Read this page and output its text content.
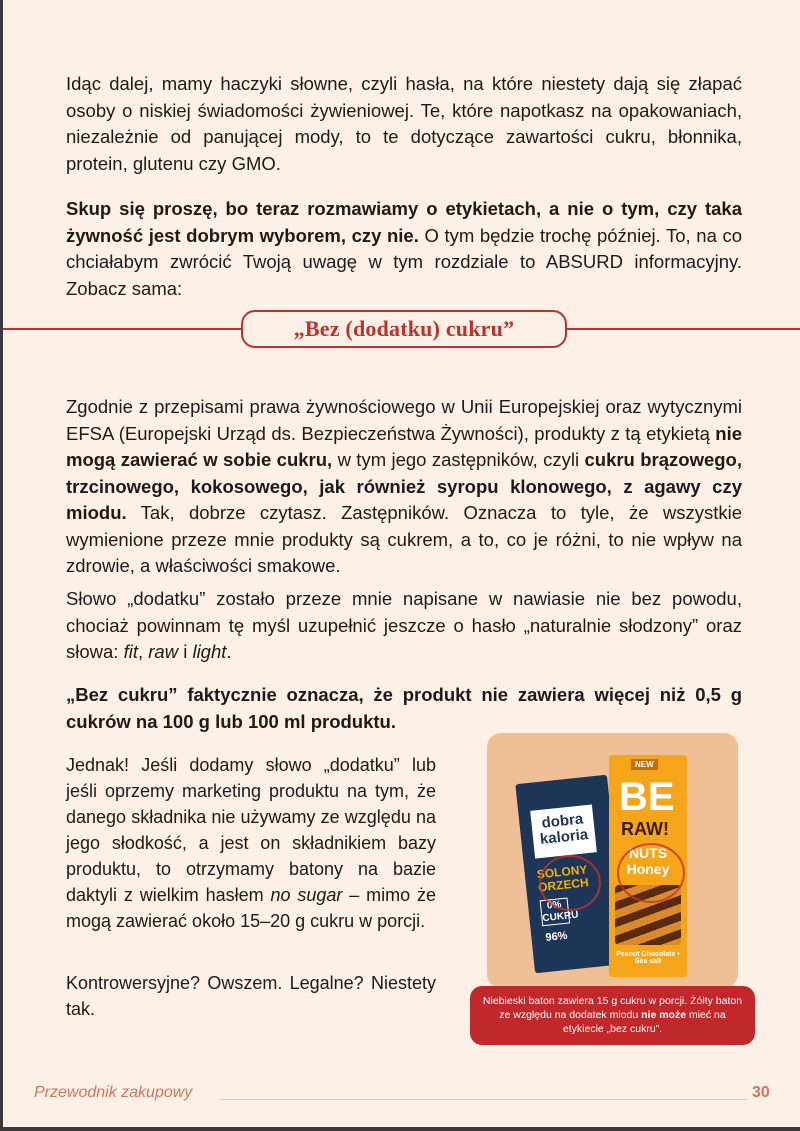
Idąc dalej, mamy haczyki słowne, czyli hasła, na które niestety dają się złapać osoby o niskiej świadomości żywieniowej. Te, które napotkasz na opakowaniach, niezależnie od panującej mody, to te dotyczące zawartości cukru, błonnika, protein, glutenu czy GMO.

Skup się proszę, bo teraz rozmawiamy o etykietach, a nie o tym, czy taka żywność jest dobrym wyborem, czy nie. O tym będzie trochę później. To, na co chciałabym zwrócić Twoją uwagę w tym rozdziale to ABSURD informacyjny. Zobacz sama:

„Bez (dodatku) cukru”

Zgodnie z przepisami prawa żywnościowego w Unii Europejskiej oraz wytycznymi EFSA (Europejski Urząd ds. Bezpieczeństwa Żywności), produkty z tą etykietą nie mogą zawierać w sobie cukru, w tym jego zastępników, czyli cukru brązowego, trzcinowego, kokosowego, jak również syropu klonowego, z agawy czy miodu. Tak, dobrze czytasz. Zastępników. Oznacza to tyle, że wszystkie wymienione przeze mnie produkty są cukrem, a to, co je różni, to nie wpływ na zdrowie, a właściwości smakowe.

Słowo „dodatku” zostało przeze mnie napisane w nawiasie nie bez powodu, chociaż powinnam tę myśl uzupełnić jeszcze o hasło „naturalnie słodzony” oraz słowa: fit, raw i light.

„Bez cukru” faktycznie oznacza, że produkt nie zawiera więcej niż 0,5 g cukrów na 100 g lub 100 ml produktu.

Jednak! Jeśli dodamy słowo „dodatku” lub jeśli oprzemy marketing produktu na tym, że danego składnika nie używamy ze względu na jego słodkość, a jest on składnikiem bazy produktu, to otrzymamy batony na bazie daktyli z wielkim hasłem no sugar – mimo że mogą zawierać około 15–20 g cukru w porcji.

Kontrowersyjne? Owszem. Legalne? Niestety tak.

dobra kaloria
SOLONY ORZECH
0% CUKRU
96%
NEW
BE
RAW!
NUTS Honey
Peanut Chocolate • Sea salt
Niebieski baton zawiera 15 g cukru w porcji. Żółty baton ze względu na dodatek miodu nie może mieć na etykiecie „bez cukru”.
Przewodnik zakupowy	30
